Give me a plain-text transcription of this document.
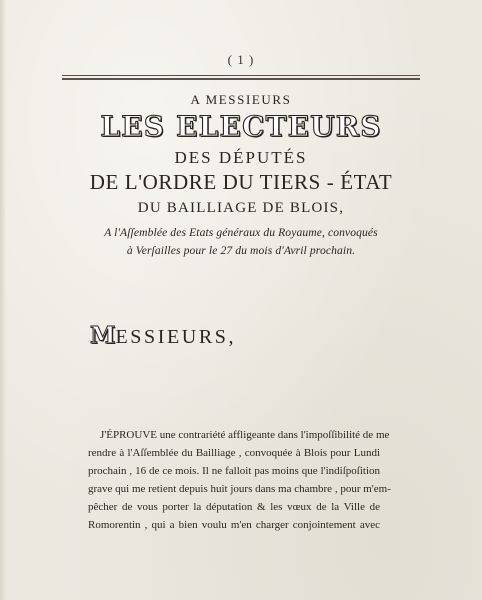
( 1 )
A MESSIEURS
LES ELECTEURS
DES DÉPUTÉS
DE L'ORDRE DU TIERS - ÉTAT
DU BAILLIAGE DE BLOIS,
A l'Aſſemblée des Etats généraux du Royaume, convoqués
à Verſailles pour le 27 du mois d'Avril prochain.
MESSIEURS,
J'ÉPROUVE une contrariété affligeante dans l'impoſſibilité de me
rendre à l'Aſſemblée du Bailliage , convoquée à Blois pour Lundi
prochain , 16 de ce mois. Il ne falloit pas moins que l'indiſpoſition
grave qui me retient depuis huit jours dans ma chambre , pour m'em-
pêcher de vous porter la députation & les vœux de la Ville de
Romorentin , qui a bien voulu m'en charger conjointement avec
